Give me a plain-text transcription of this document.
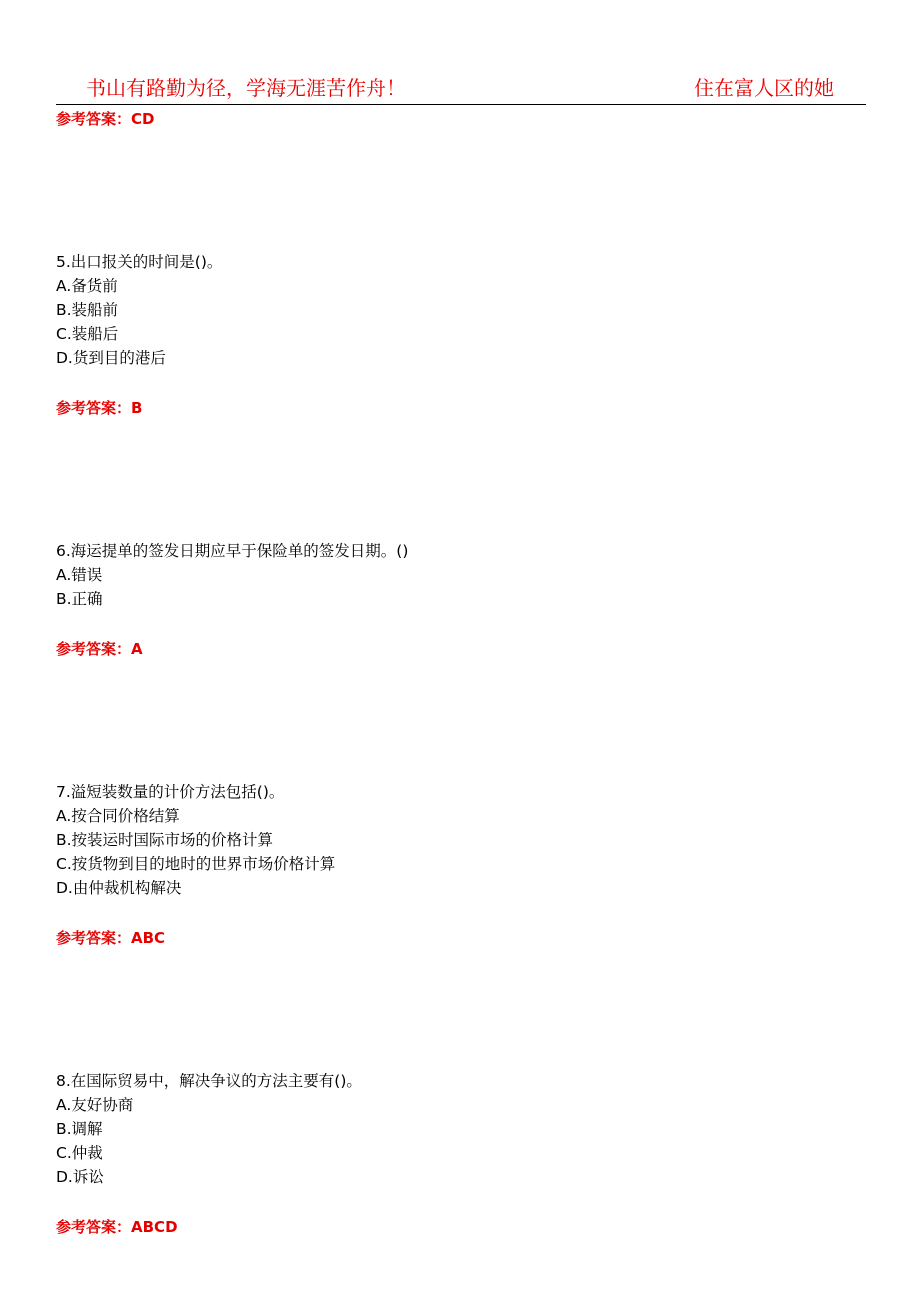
书山有路勤为径，学海无涯苦作舟！	住在富人区的她
参考答案：CD
5.出口报关的时间是()。
A.备货前
B.装船前
C.装船后
D.货到目的港后
参考答案：B
6.海运提单的签发日期应早于保险单的签发日期。()
A.错误
B.正确
参考答案：A
7.溢短装数量的计价方法包括()。
A.按合同价格结算
B.按装运时国际市场的价格计算
C.按货物到目的地时的世界市场价格计算
D.由仲裁机构解决
参考答案：ABC
8.在国际贸易中，解决争议的方法主要有()。
A.友好协商
B.调解
C.仲裁
D.诉讼
参考答案：ABCD
